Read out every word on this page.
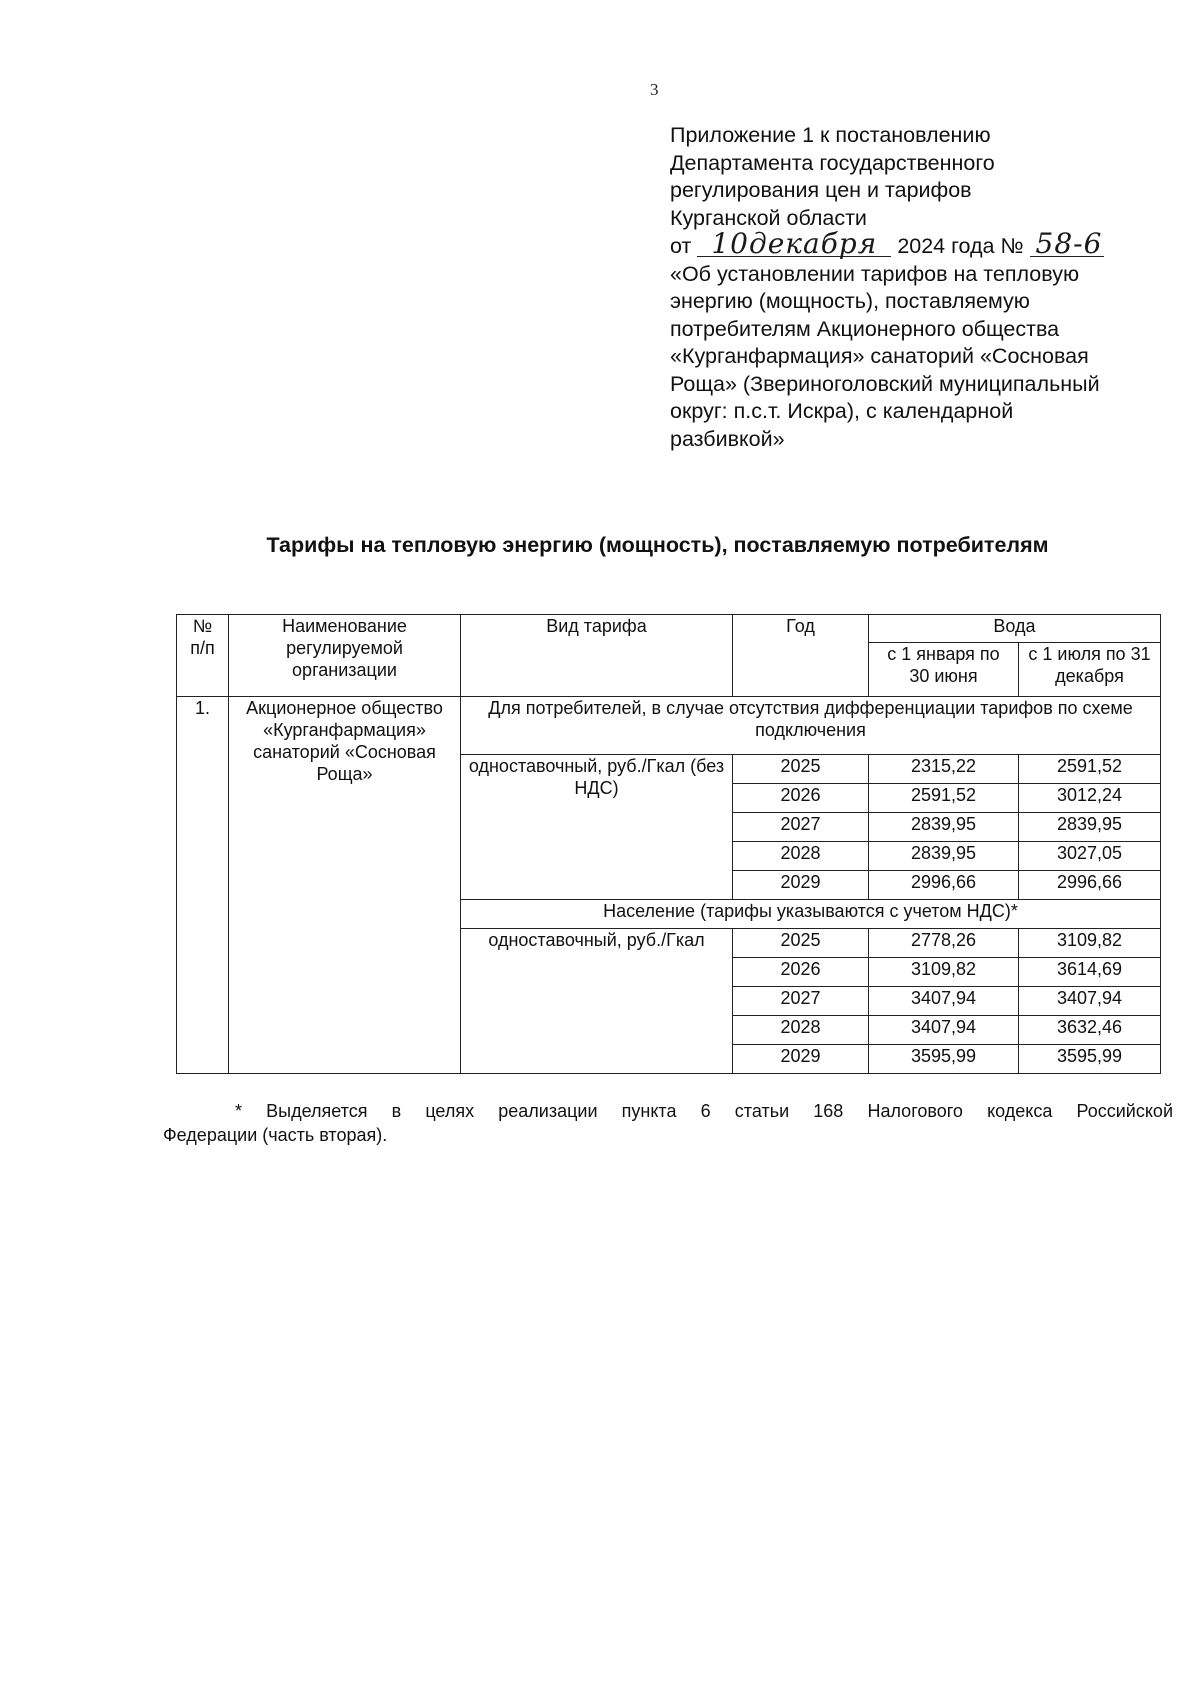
3
Приложение 1 к постановлению
Департамента государственного
регулирования цен и тарифов
Курганской области
от 10декабря 2024 года № 58-6
«Об установлении тарифов на тепловую
энергию (мощность), поставляемую
потребителям Акционерного общества
«Курганфармация» санаторий «Сосновая
Роща» (Звериноголовский муниципальный
округ: п.с.т. Искра), с календарной
разбивкой»
Тарифы на тепловую энергию (мощность), поставляемую потребителям
№ п/п	Наименование регулируемой организации	Вид тарифа	Год	Вода	
				с 1 января по 30 июня	с 1 июля по 31 декабря
1.	Акционерное общество «Курганфармация» санаторий «Сосновая Роща»	Для потребителей, в случае отсутствия дифференциации тарифов по схеме подключения			
		одноставочный, руб./Гкал (без НДС)	2025	2315,22	2591,52
			2026	2591,52	3012,24
			2027	2839,95	2839,95
			2028	2839,95	3027,05
			2029	2996,66	2996,66
		Население (тарифы указываются с учетом НДС)*			
		одноставочный, руб./Гкал	2025	2778,26	3109,82
			2026	3109,82	3614,69
			2027	3407,94	3407,94
			2028	3407,94	3632,46
			2029	3595,99	3595,99
* Выделяется в целях реализации пункта 6 статьи 168 Налогового кодекса Российской
Федерации (часть вторая).
